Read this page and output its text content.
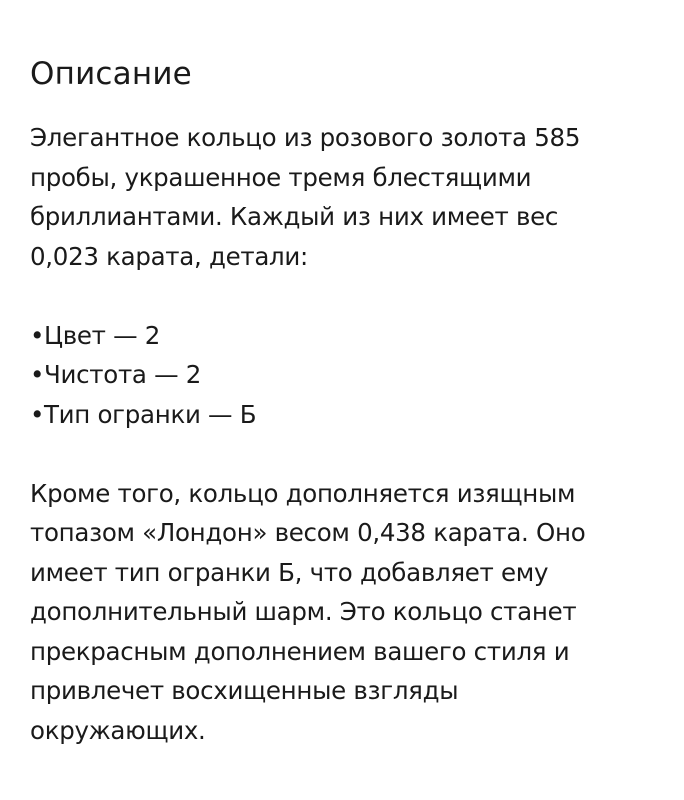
Описание

Элегантное кольцо из розового золота 585
пробы, украшенное тремя блестящими
бриллиантами. Каждый из них имеет вес
0,023 карата, детали:

•Цвет — 2
•Чистота — 2
•Тип огранки — Б

Кроме того, кольцо дополняется изящным
топазом «Лондон» весом 0,438 карата. Оно
имеет тип огранки Б, что добавляет ему
дополнительный шарм. Это кольцо станет
прекрасным дополнением вашего стиля и
привлечет восхищенные взгляды
окружающих.
